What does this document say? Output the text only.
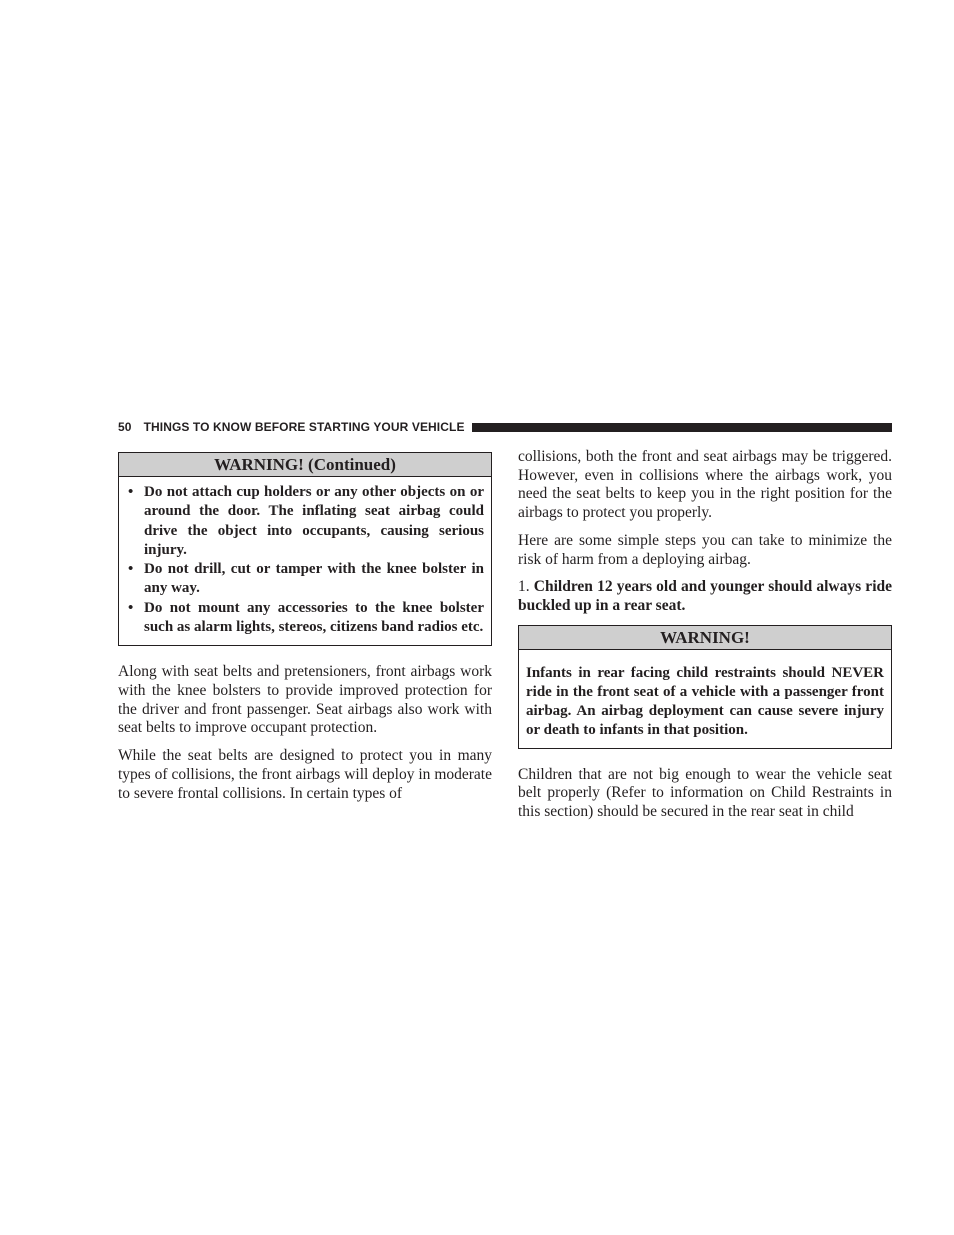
50 THINGS TO KNOW BEFORE STARTING YOUR VEHICLE
WARNING! (Continued)
• Do not attach cup holders or any other objects on or around the door. The inflating seat airbag could drive the object into occupants, causing serious injury.
• Do not drill, cut or tamper with the knee bolster in any way.
• Do not mount any accessories to the knee bolster such as alarm lights, stereos, citizens band radios etc.

Along with seat belts and pretensioners, front airbags work with the knee bolsters to provide improved protection for the driver and front passenger. Seat airbags also work with seat belts to improve occupant protection.

While the seat belts are designed to protect you in many types of collisions, the front airbags will deploy in moderate to severe frontal collisions. In certain types of

collisions, both the front and seat airbags may be triggered. However, even in collisions where the airbags work, you need the seat belts to keep you in the right position for the airbags to protect you properly.

Here are some simple steps you can take to minimize the risk of harm from a deploying airbag.

1. Children 12 years old and younger should always ride buckled up in a rear seat.

WARNING!

Infants in rear facing child restraints should NEVER ride in the front seat of a vehicle with a passenger front airbag. An airbag deployment can cause severe injury or death to infants in that position.

Children that are not big enough to wear the vehicle seat belt properly (Refer to information on Child Restraints in this section) should be secured in the rear seat in child
